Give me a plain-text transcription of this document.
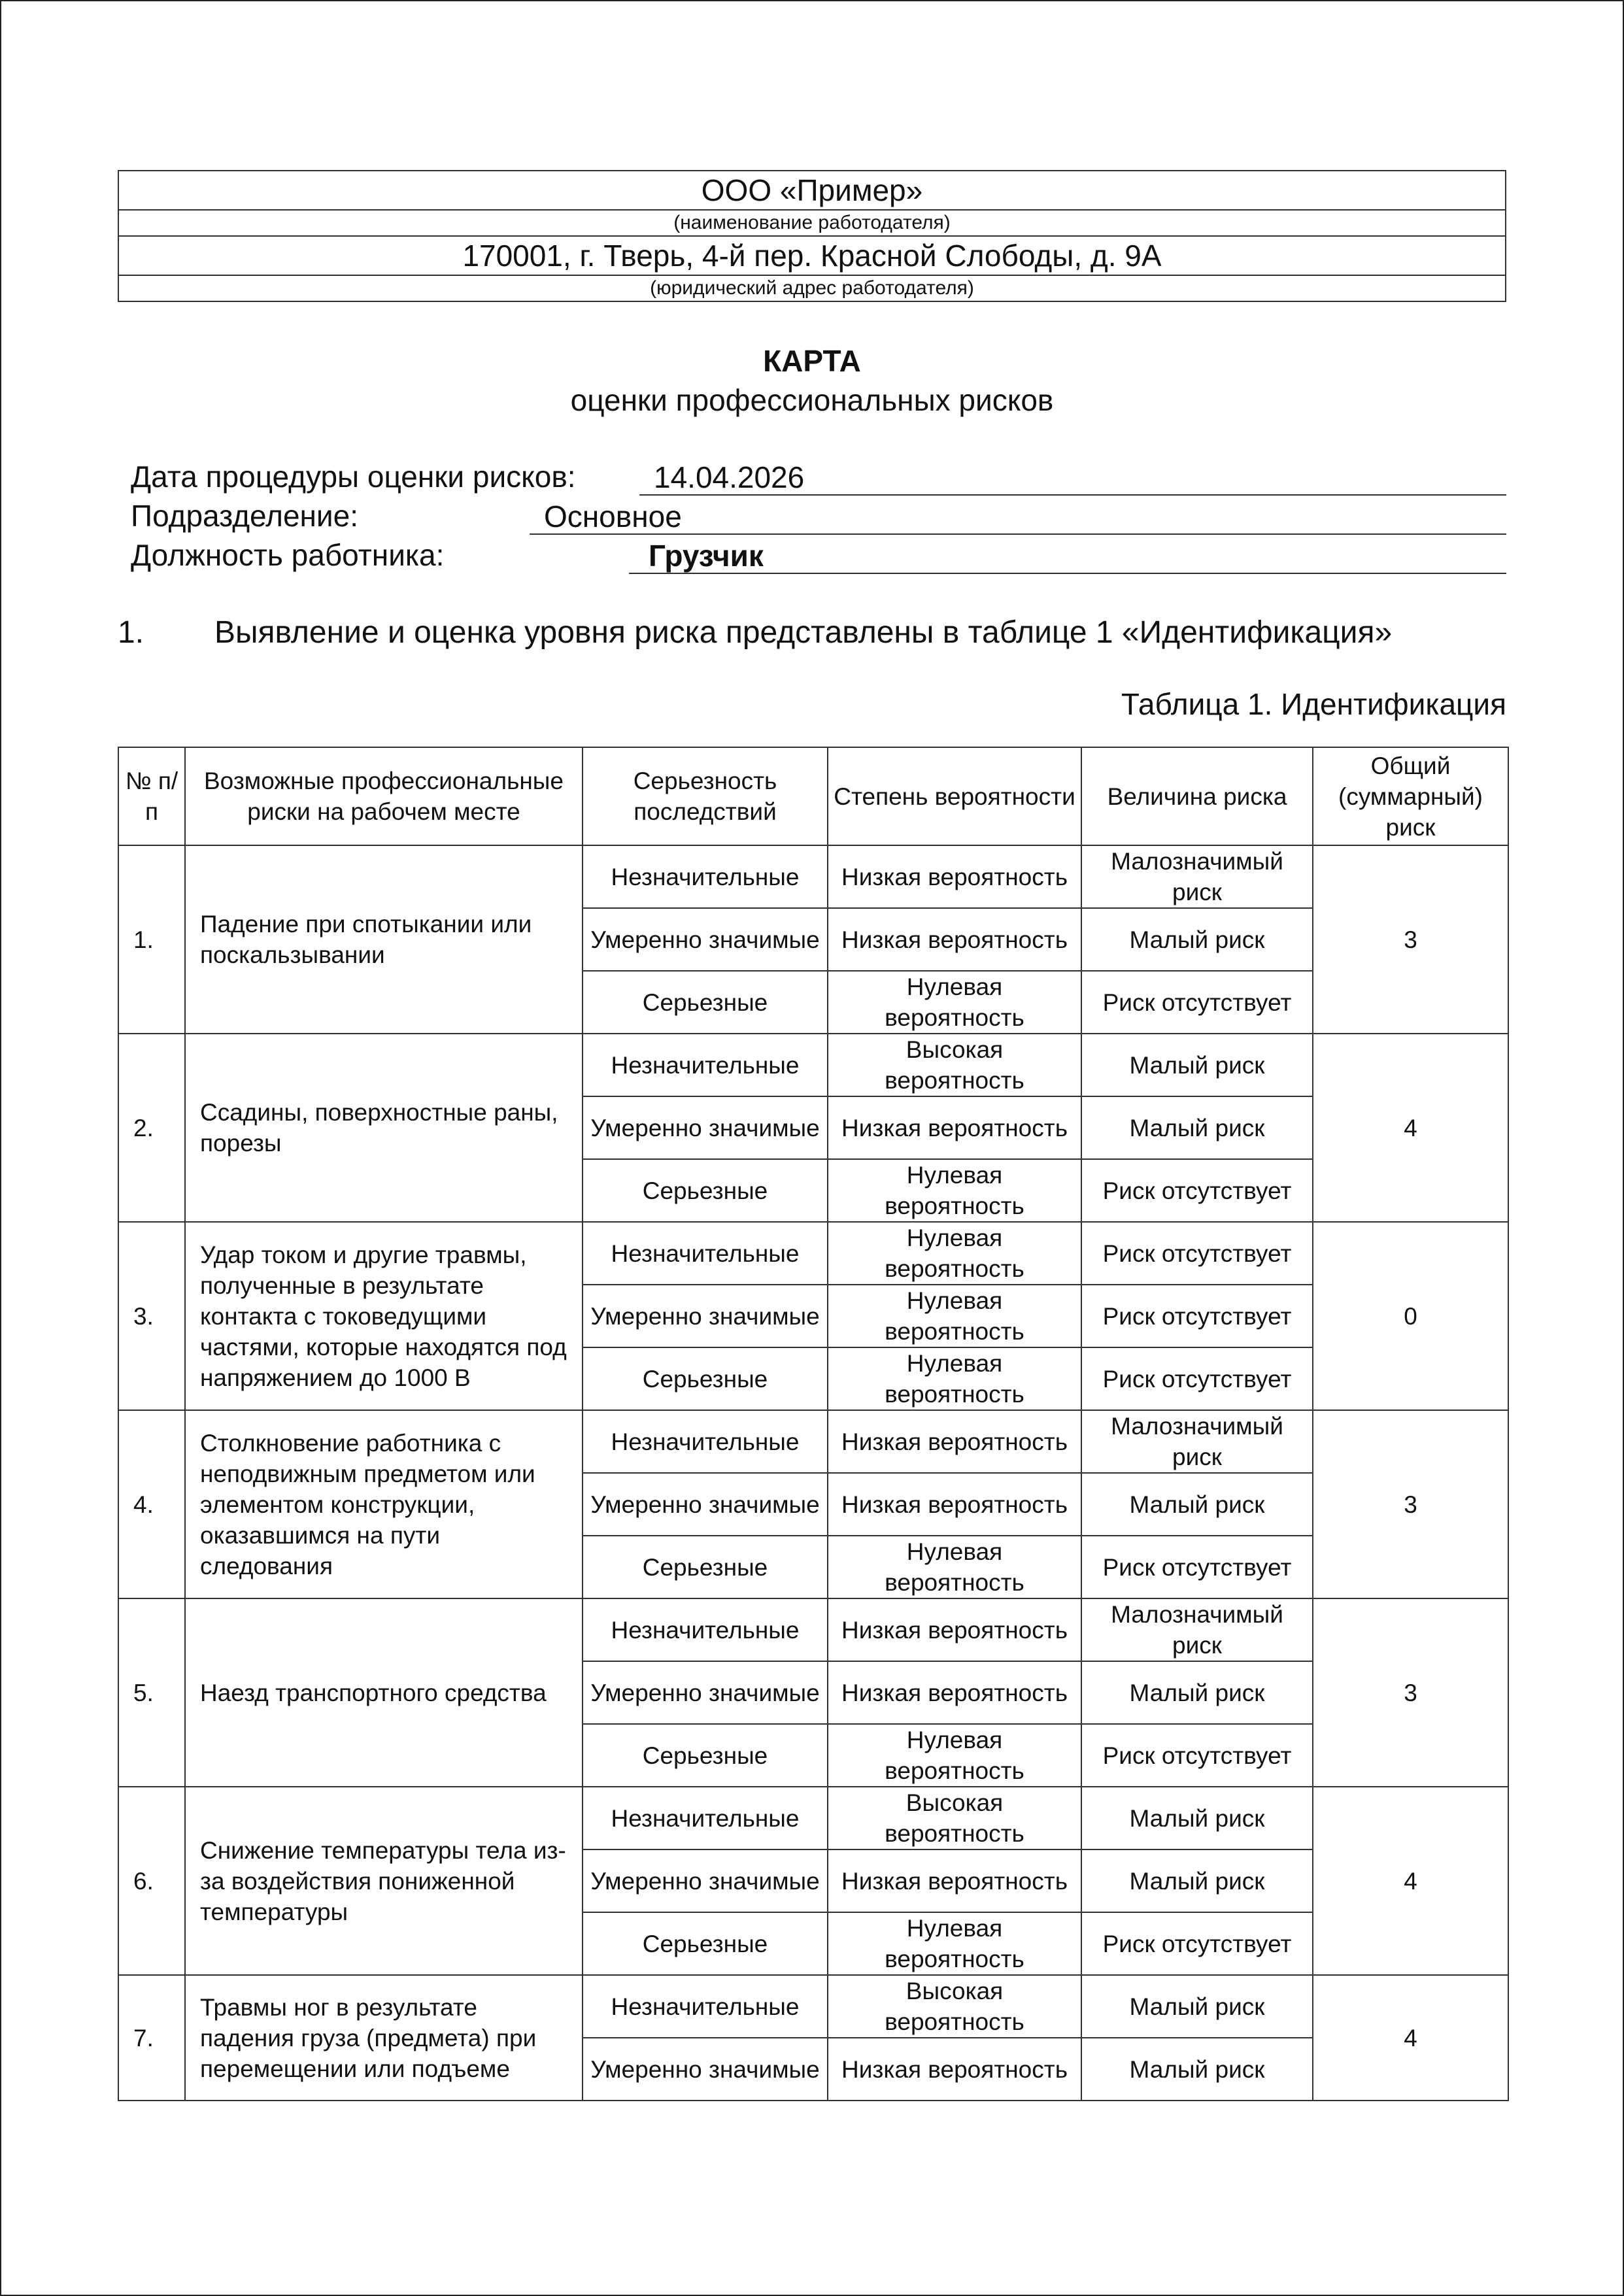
ООО «Пример»
(наименование работодателя)
170001, г. Тверь, 4-й пер. Красной Слободы, д. 9А
(юридический адрес работодателя)
КАРТА
оценки профессиональных рисков
Дата процедуры оценки рисков:	14.04.2026
Подразделение:	Основное
Должность работника:	Грузчик
1. Выявление и оценка уровня риска представлены в таблице 1 «Идентификация»
Таблица 1. Идентификация
№ п/п	Возможные профессиональные риски на рабочем месте	Серьезность последствий	Степень вероятности	Величина риска	Общий (суммарный) риск
1.	Падение при спотыкании или поскальзывании	Незначительные	Низкая вероятность	Малозначимый риск	3
		Умеренно значимые	Низкая вероятность	Малый риск	
		Серьезные	Нулевая вероятность	Риск отсутствует	
2.	Ссадины, поверхностные раны, порезы	Незначительные	Высокая вероятность	Малый риск	4
		Умеренно значимые	Низкая вероятность	Малый риск	
		Серьезные	Нулевая вероятность	Риск отсутствует	
3.	Удар током и другие травмы, полученные в результате контакта с токоведущими частями, которые находятся под напряжением до 1000 В	Незначительные	Нулевая вероятность	Риск отсутствует	0
		Умеренно значимые	Нулевая вероятность	Риск отсутствует	
		Серьезные	Нулевая вероятность	Риск отсутствует	
4.	Столкновение работника с неподвижным предметом или элементом конструкции, оказавшимся на пути следования	Незначительные	Низкая вероятность	Малозначимый риск	3
		Умеренно значимые	Низкая вероятность	Малый риск	
		Серьезные	Нулевая вероятность	Риск отсутствует	
5.	Наезд транспортного средства	Незначительные	Низкая вероятность	Малозначимый риск	3
		Умеренно значимые	Низкая вероятность	Малый риск	
		Серьезные	Нулевая вероятность	Риск отсутствует	
6.	Снижение температуры тела из-за воздействия пониженной температуры	Незначительные	Высокая вероятность	Малый риск	4
		Умеренно значимые	Низкая вероятность	Малый риск	
		Серьезные	Нулевая вероятность	Риск отсутствует	
7.	Травмы ног в результате падения груза (предмета) при перемещении или подъеме	Незначительные	Высокая вероятность	Малый риск	4
		Умеренно значимые	Низкая вероятность	Малый риск	
